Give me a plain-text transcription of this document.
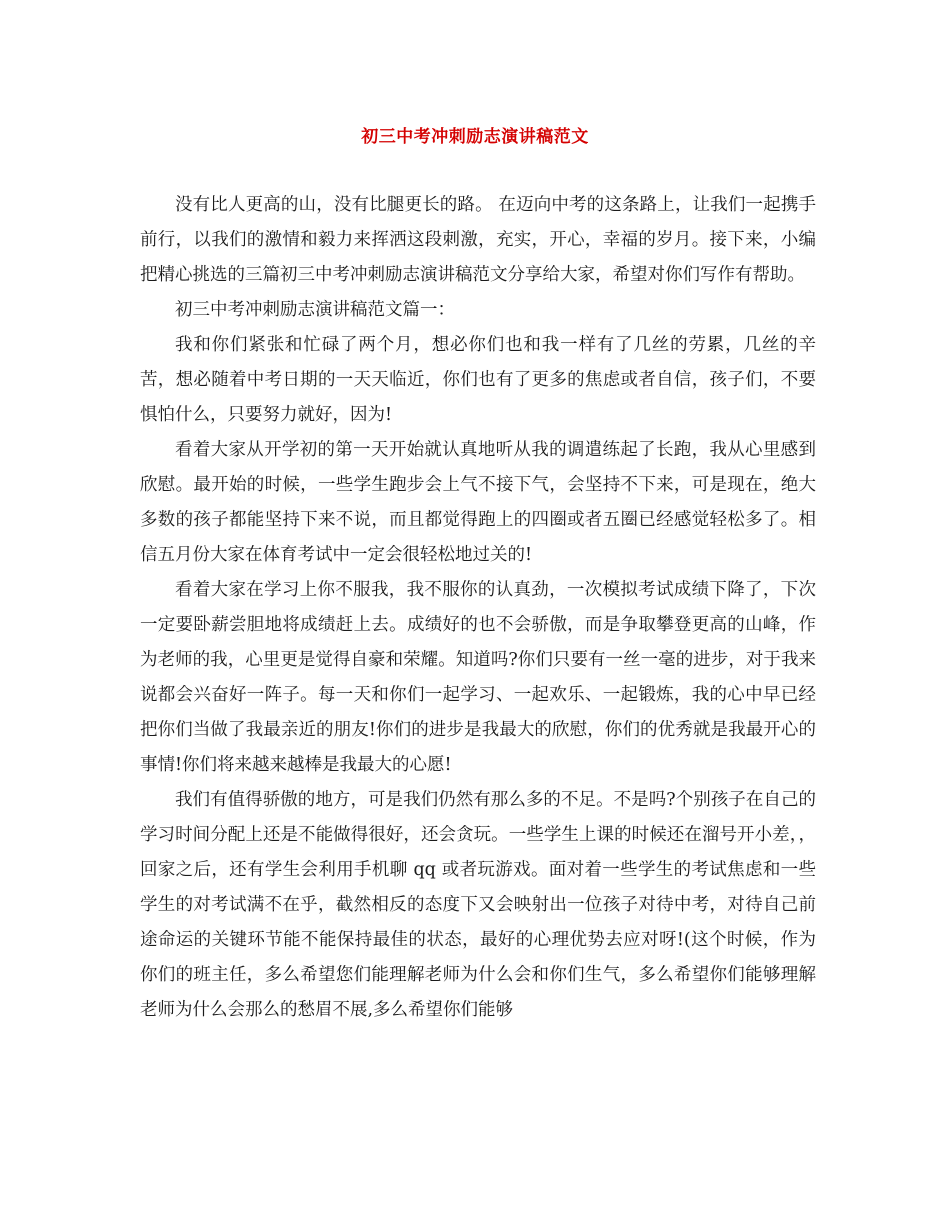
初三中考冲刺励志演讲稿范文

没有比人更高的山，没有比腿更长的路。 在迈向中考的这条路上，让我们一起携手前行，以我们的激情和毅力来挥洒这段刺激，充实，开心，幸福的岁月。接下来，小编把精心挑选的三篇初三中考冲刺励志演讲稿范文分享给大家，希望对你们写作有帮助。

初三中考冲刺励志演讲稿范文篇一：

我和你们紧张和忙碌了两个月，想必你们也和我一样有了几丝的劳累，几丝的辛苦，想必随着中考日期的一天天临近，你们也有了更多的焦虑或者自信，孩子们，不要惧怕什么，只要努力就好，因为!

看着大家从开学初的第一天开始就认真地听从我的调遣练起了长跑，我从心里感到欣慰。最开始的时候，一些学生跑步会上气不接下气，会坚持不下来，可是现在，绝大多数的孩子都能坚持下来不说，而且都觉得跑上的四圈或者五圈已经感觉轻松多了。相信五月份大家在体育考试中一定会很轻松地过关的!

看着大家在学习上你不服我，我不服你的认真劲，一次模拟考试成绩下降了，下次一定要卧薪尝胆地将成绩赶上去。成绩好的也不会骄傲，而是争取攀登更高的山峰，作为老师的我，心里更是觉得自豪和荣耀。知道吗?你们只要有一丝一毫的进步，对于我来说都会兴奋好一阵子。每一天和你们一起学习、一起欢乐、一起锻炼，我的心中早已经把你们当做了我最亲近的朋友!你们的进步是我最大的欣慰，你们的优秀就是我最开心的事情!你们将来越来越棒是我最大的心愿!

我们有值得骄傲的地方，可是我们仍然有那么多的不足。不是吗?个别孩子在自己的学习时间分配上还是不能做得很好，还会贪玩。一些学生上课的时候还在溜号开小差，，回家之后，还有学生会利用手机聊 qq 或者玩游戏。面对着一些学生的考试焦虑和一些学生的对考试满不在乎，截然相反的态度下又会映射出一位孩子对待中考，对待自己前途命运的关键环节能不能保持最佳的状态，最好的心理优势去应对呀!(这个时候，作为你们的班主任，多么希望您们能理解老师为什么会和你们生气，多么希望你们能够理解老师为什么会那么的愁眉不展,多么希望你们能够
